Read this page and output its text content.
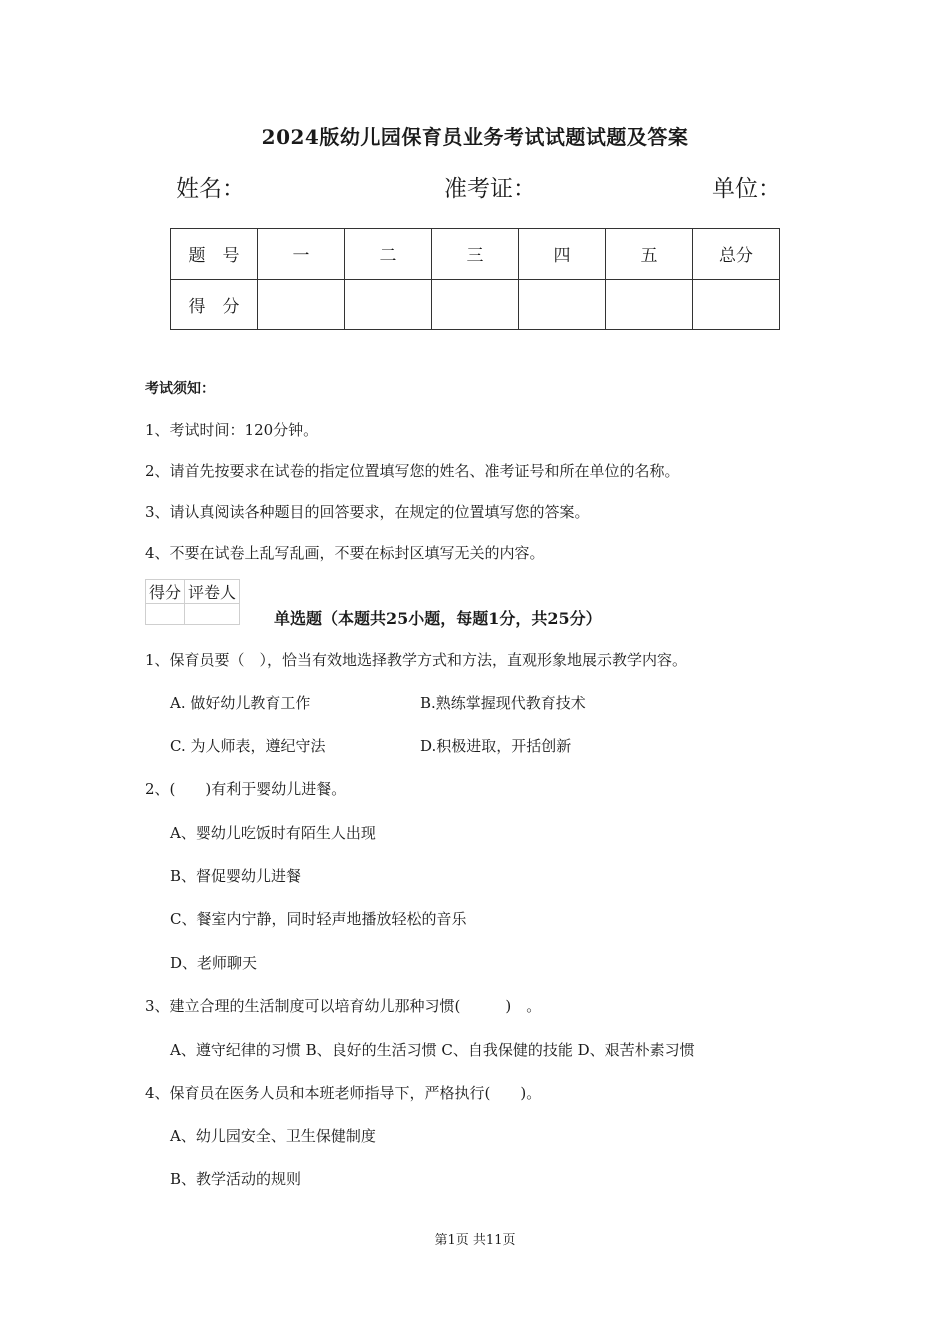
2024版幼儿园保育员业务考试试题试题及答案
姓名：	准考证：	单位：
题　号	一	二	三	四	五	总分
得　分						
考试须知：
1、考试时间：120分钟。
2、请首先按要求在试卷的指定位置填写您的姓名、准考证号和所在单位的名称。
3、请认真阅读各种题目的回答要求，在规定的位置填写您的答案。
4、不要在试卷上乱写乱画，不要在标封区填写无关的内容。
得分	评卷人

单选题（本题共25小题，每题1分，共25分）
1、保育员要（　），恰当有效地选择教学方式和方法，直观形象地展示教学内容。
A. 做好幼儿教育工作	B.熟练掌握现代教育技术
C. 为人师表，遵纪守法	D.积极进取，开括创新
2、(　　)有利于婴幼儿进餐。
A、婴幼儿吃饭时有陌生人出现
B、督促婴幼儿进餐
C、餐室内宁静，同时轻声地播放轻松的音乐
D、老师聊天
3、建立合理的生活制度可以培育幼儿那种习惯(　　　)　。
A、遵守纪律的习惯 B、良好的生活习惯 C、自我保健的技能 D、艰苦朴素习惯
4、保育员在医务人员和本班老师指导下，严格执行(　　)。
A、幼儿园安全、卫生保健制度
B、教学活动的规则
第1页 共11页
